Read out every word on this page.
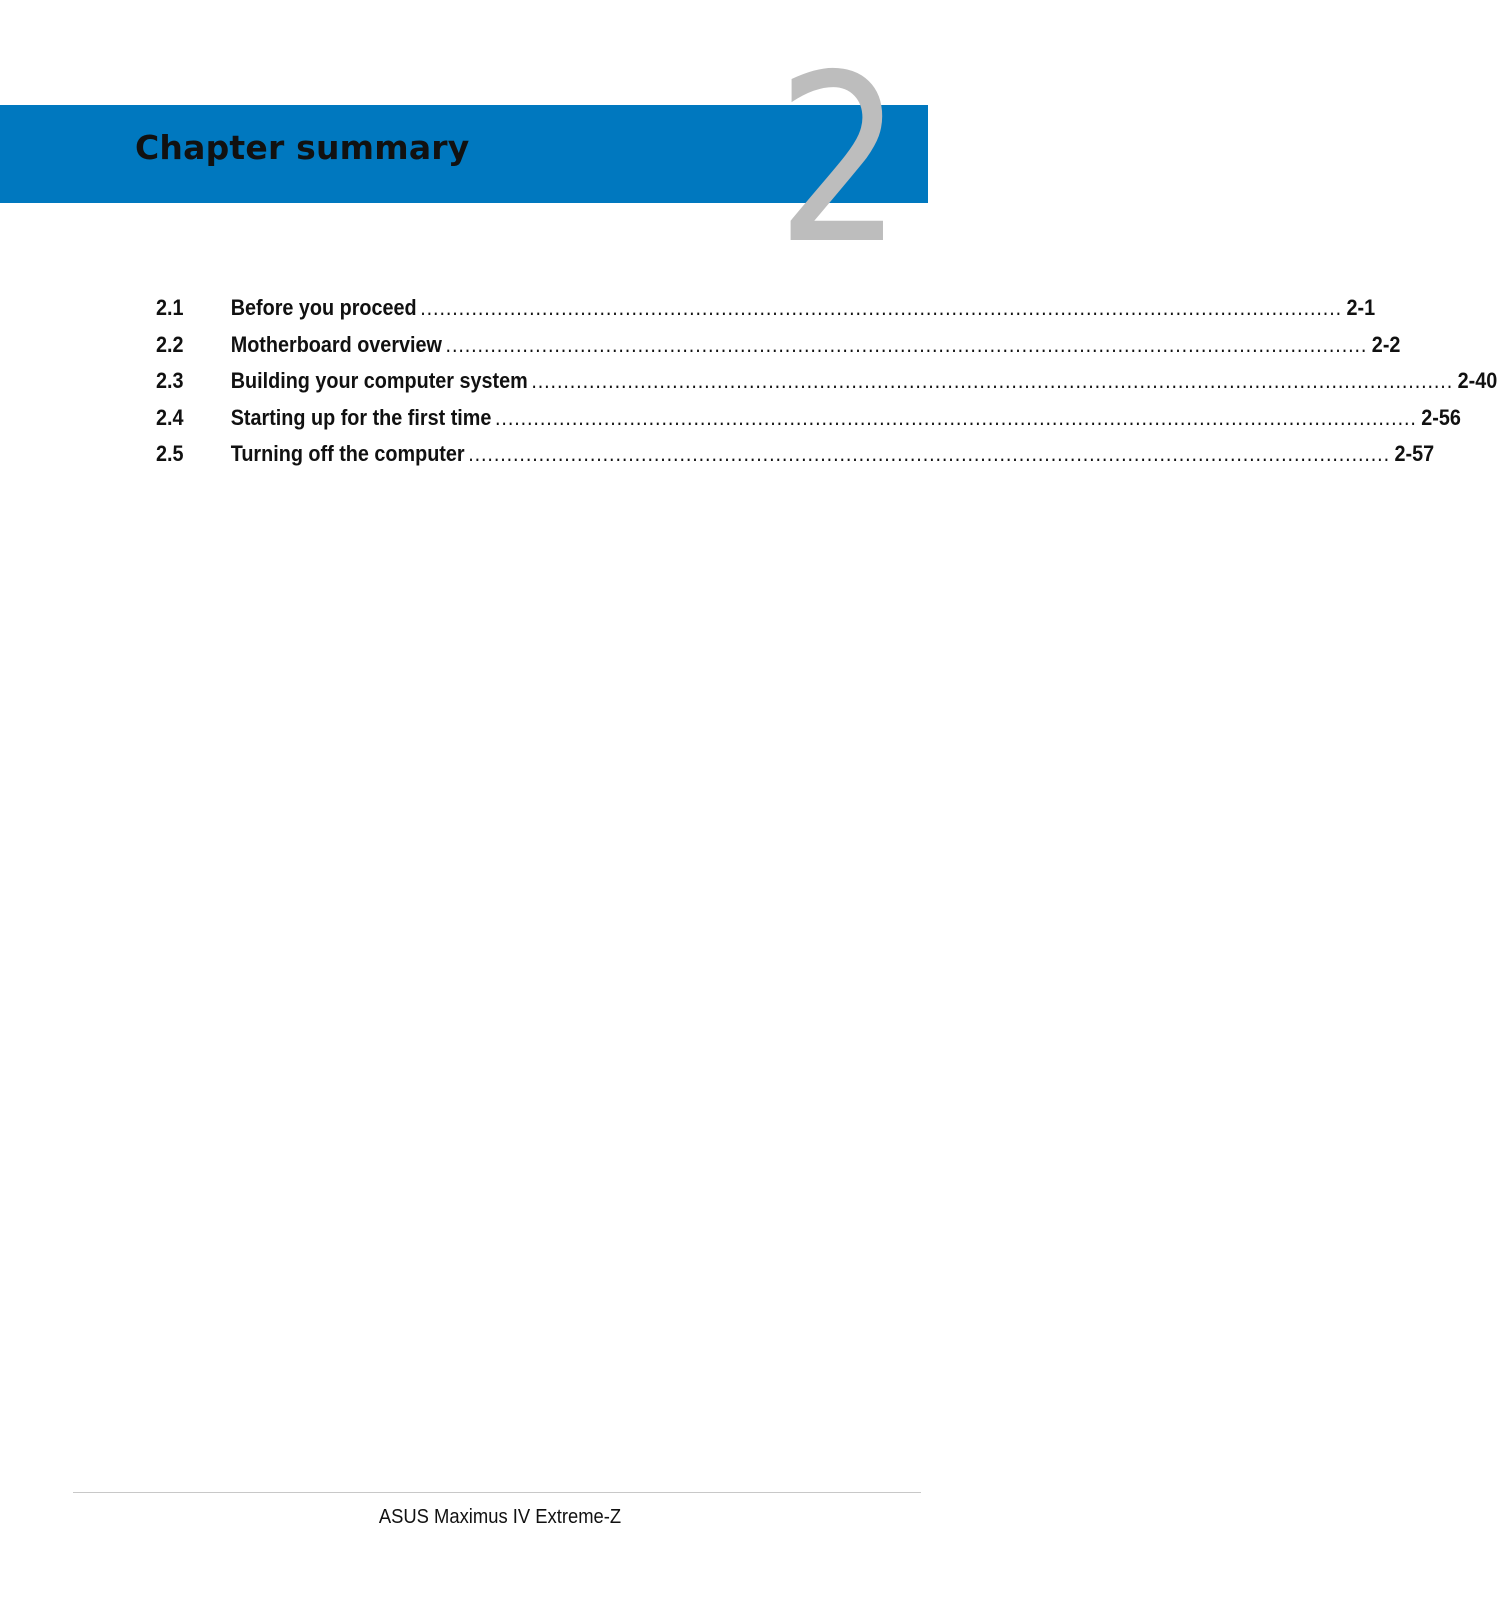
2
Chapter summary
2.1	Before you proceed ................................................................................................................................................ 2-1
2.2	Motherboard overview ................................................................................................................................................ 2-2
2.3	Building your computer system ................................................................................................................................................ 2-40
2.4	Starting up for the first time ................................................................................................................................................ 2-56
2.5	Turning off the computer ................................................................................................................................................ 2-57
ASUS Maximus IV Extreme-Z
